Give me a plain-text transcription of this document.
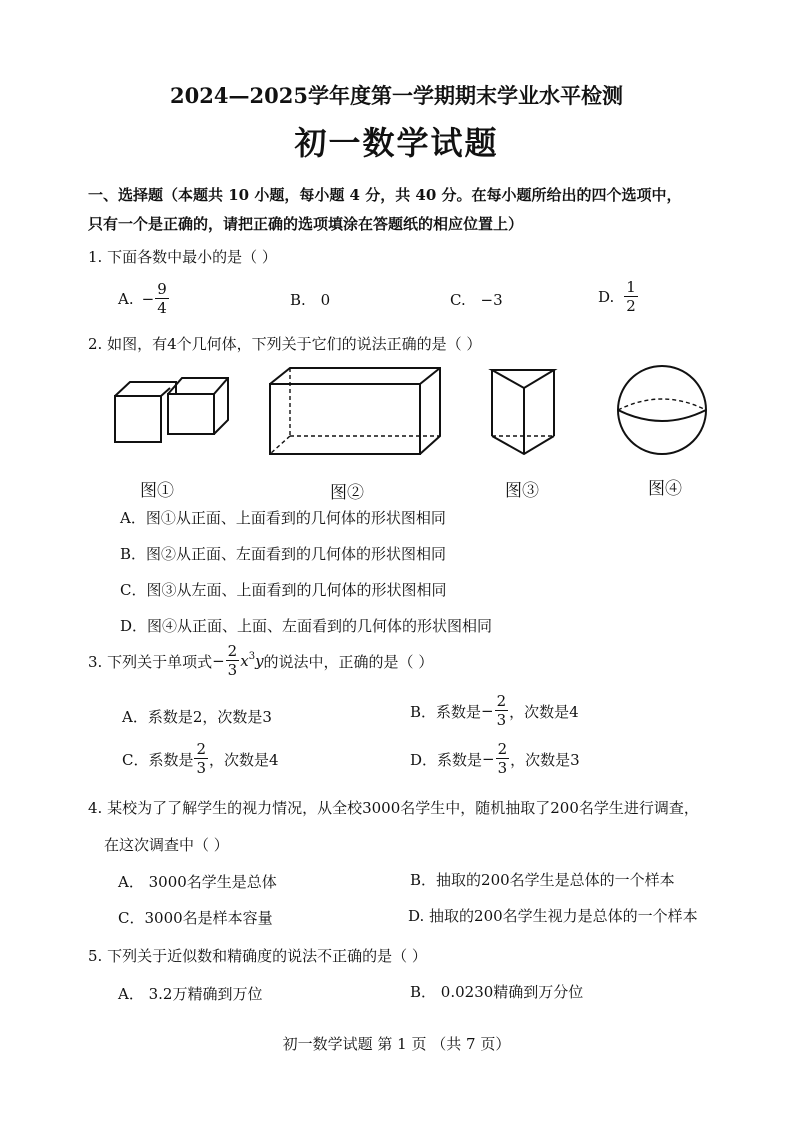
2024—2025学年度第一学期期末学业水平检测
初一数学试题
一、选择题（本题共 10 小题，每小题 4 分，共 40 分。在每小题所给出的四个选项中，
只有一个是正确的，请把正确的选项填涂在答题纸的相应位置上）
1. 下面各数中最小的是（ ）
A. − $\frac{9}{4}$	B. 0	C. −3	D. $\frac{1}{2}$
2. 如图，有4个几何体，下列关于它们的说法正确的是（ ）
图①	图②	图③	图④
A．图①从正面、上面看到的几何体的形状图相同
B．图②从正面、左面看到的几何体的形状图相同
C．图③从左面、上面看到的几何体的形状图相同
D．图④从正面、上面、左面看到的几何体的形状图相同
3. 下列关于单项式 − $\frac{2}{3} x^3$ y 的说法中，正确的是（ ）
A．系数是2，次数是3	B．系数是 − $\frac{2}{3}$ ，次数是4
C．系数是 $\frac{2}{3}$ ，次数是4	D．系数是 − $\frac{2}{3}$ ，次数是3
4. 某校为了了解学生的视力情况，从全校3000名学生中，随机抽取了200名学生进行调查，
在这次调查中（ ）
A． 3000名学生是总体	B．抽取的200名学生是总体的一个样本
C．3000名是样本容量	D. 抽取的200名学生视力是总体的一个样本
5. 下列关于近似数和精确度的说法不正确的是（ ）
A． 3.2万精确到万位	B． 0.0230精确到万分位
初一数学试题 第 1 页 （共 7 页）
